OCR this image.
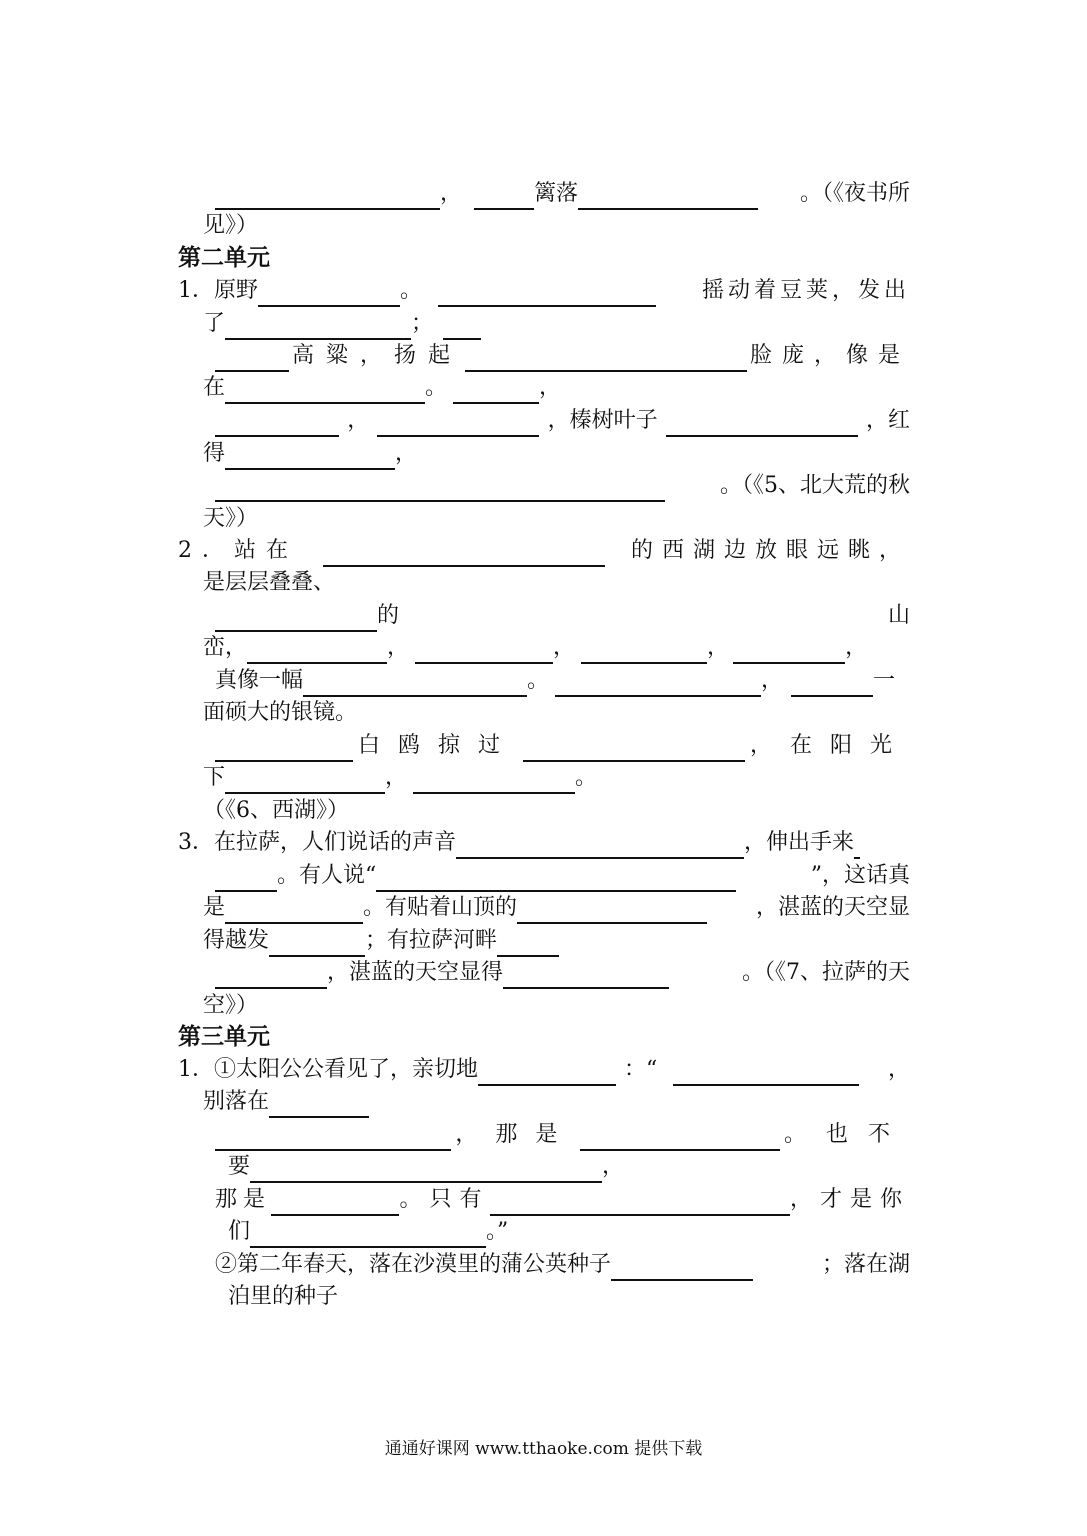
，	篱落	。（《夜书所
见》）
第二单元
1． 原野	。	摇动着豆荚，发出
了	；
高粱，扬起	脸庞，像是
在	。	，
，	，榛树叶子	，红
得	，
。（《5、北大荒的秋
天》）
2．站在	的西湖边放眼远眺，
是层层叠叠、
的	山
峦，	，	，	，	，
真像一幅	。	，	一
面硕大的银镜。
白鸥掠过	，在阳光
下	，	。
（《6、西湖》）
3．在拉萨，人们说话的声音	，伸出手来
。有人说“	”，这话真
是	。有贴着山顶的	，湛蓝的天空显
得越发	；有拉萨河畔
，湛蓝的天空显得	。（《7、拉萨的天
空》）
第三单元
1．①太阳公公看见了，亲切地	：“	，
别落在
，那是	。也不
要	，
那是	。只有	，才是你
们	。”
②第二年春天，落在沙漠里的蒲公英种子	；落在湖
泊里的种子
通通好课网 www.tthaoke.com 提供下载
